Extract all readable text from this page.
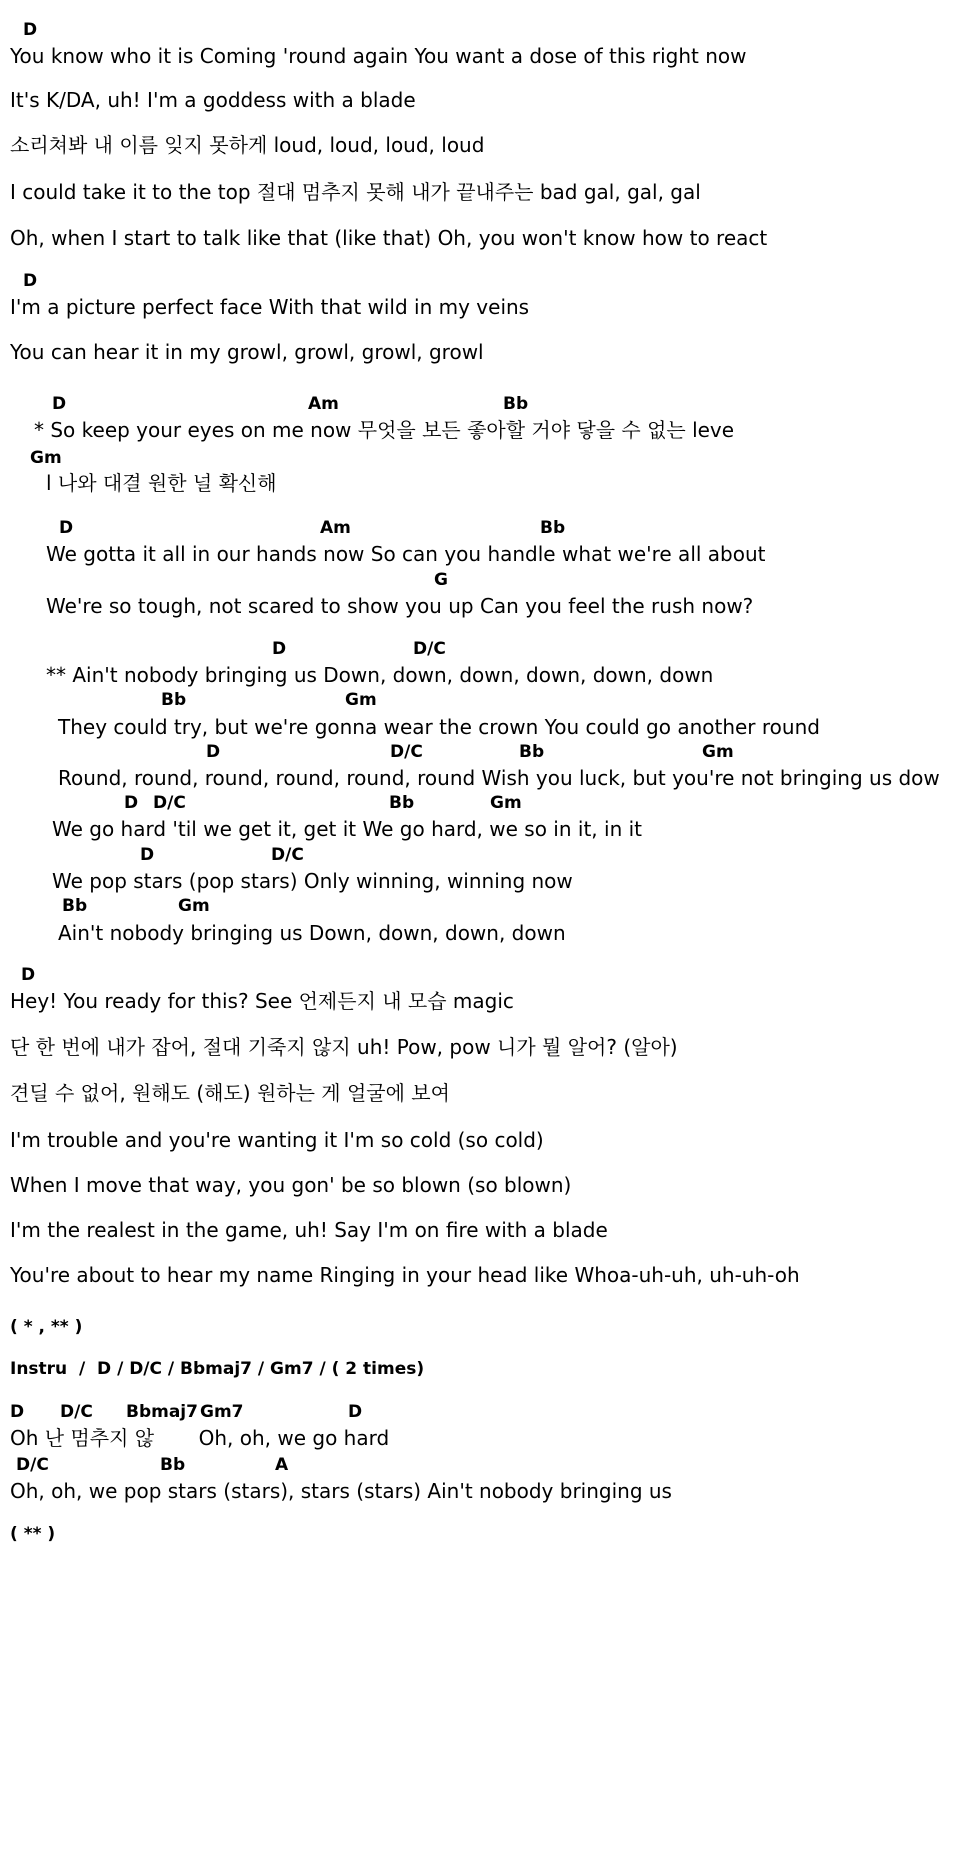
D

You know who it is Coming 'round again You want a dose of this right now
It's K/DA, uh! I'm a goddess with a blade
소리쳐봐 내 이름 잊지 못하게 loud, loud, loud, loud
I could take it to the top 절대 멈추지 못해 내가 끝내주는 bad gal, gal, gal
Oh, when I start to talk like that (like that) Oh, you won't know how to react

D

I'm a picture perfect face With that wild in my veins
You can hear it in my growl, growl, growl, growl

D

	Am

	Bb

* So keep your eyes on me now 무엇을 보든 좋아할 거야 닿을 수 없는 leve

Gm

l 나와 대결 원한 널 확신해

D

	Am

	Bb

We gotta it all in our hands now So can you handle what we're all about

G

We're so tough, not scared to show you up Can you feel the rush now?

D

	D/C

** Ain't nobody bringing us Down, down, down, down, down, down

Bb

	Gm

They could try, but we're gonna wear the crown You could go another round

D

	D/C

	Bb

	Gm

Round, round, round, round, round, round Wish you luck, but you're not bringing us dow

D

D/C

	Bb

	Gm

We go hard 'til we get it, get it We go hard, we so in it, in it

D

	D/C

We pop stars (pop stars) Only winning, winning now

Bb

	Gm

Ain't nobody bringing us Down, down, down, down

D

Hey! You ready for this? See 언제든지 내 모습 magic
단 한 번에 내가 잡어, 절대 기죽지 않지 uh! Pow, pow 니가 뭘 알어? (알아)
견딜 수 없어, 원해도 (해도) 원하는 게 얼굴에 보여
I'm trouble and you're wanting it I'm so cold (so cold)
When I move that way, you gon' be so blown (so blown)
I'm the realest in the game, uh! Say I'm on fire with a blade
You're about to hear my name Ringing in your head like Whoa-uh-uh, uh-uh-oh
( * , ** )
Instru  /  D / D/C / Bbmaj7 / Gm7 / ( 2 times)

D

D/C

Bbmaj7

Gm7

	D

Oh 난 멈추지 않       Oh, oh, we go hard

D/C

	Bb

	A

Oh, oh, we pop stars (stars), stars (stars) Ain't nobody bringing us
( ** )
